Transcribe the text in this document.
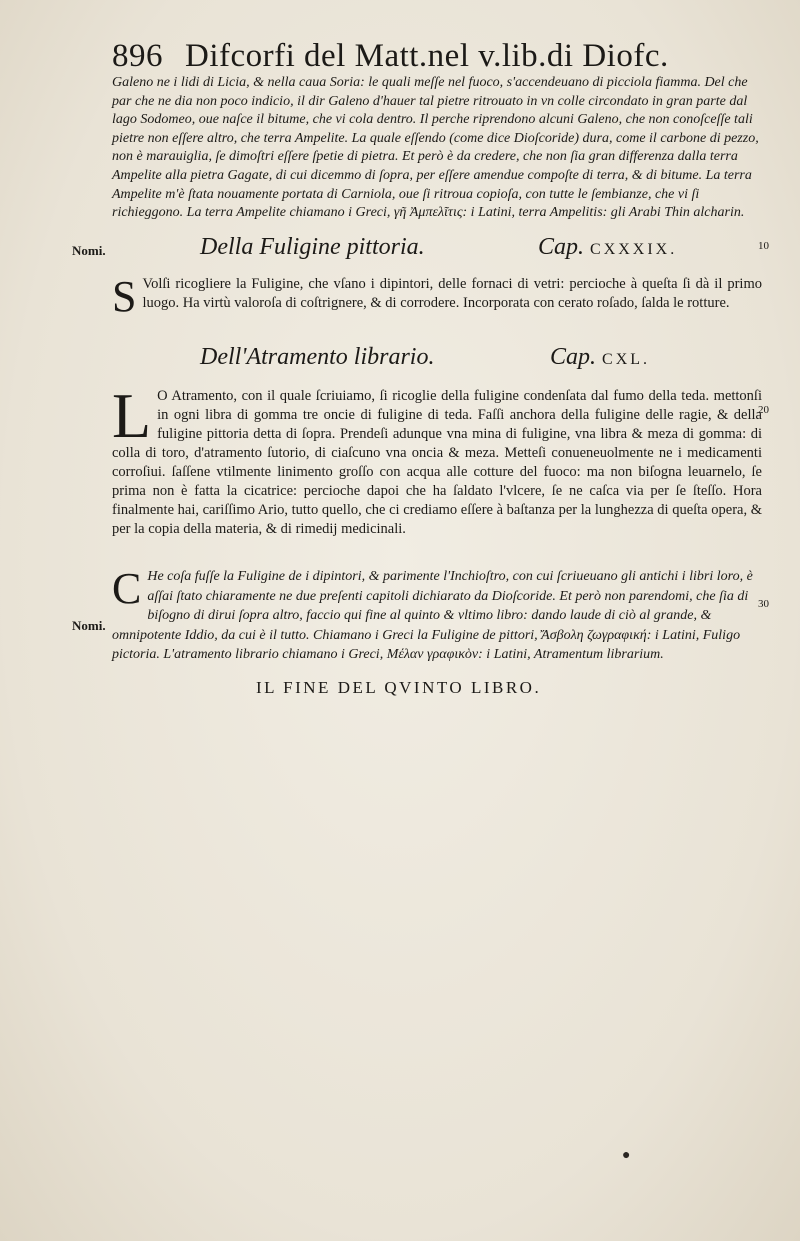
896 Difcorfi del Matt.nel v.lib.di Diofc.
Galeno ne i lidi di Licia, & nella caua Soria: le quali meſſe nel fuoco, s'accendeuano di picciola fiamma. Del che par che ne dia non poco indicio, il dir Galeno d'hauer tal pietre ritrouato in vn colle circondato in gran parte dal lago Sodomeo, oue naſce il bitume, che vi cola dentro. Il perche riprendono alcuni Galeno, che non conoſceſſe tali pietre non eſſere altro, che terra Ampelite. La quale eſſendo (come dice Dioſcoride) dura, come il carbone di pezzo, non è marauiglia, ſe dimoſtri eſſere ſpetie di pietra. Et però è da credere, che non ſia gran differenza dalla terra Ampelite alla pietra Gagate, di cui dicemmo di ſopra, per eſſere amendue compoſte di terra, & di bitume. La terra Ampelite m'è ſtata nouamente portata di Carniola, oue ſi ritroua copioſa, con tutte le ſembianze, che vi ſi richieggono. La terra Ampelite chiamano i Greci, γῆ Ἀμπελῖτις: i Latini, terra Ampelitis: gli Arabi Thin alcharin.
Nomi.	10
Della Fuligine pittoria.	Cap. CXXXIX.
S Volſi ricogliere la Fuligine, che vſano i dipintori, delle fornaci di vetri: percioche à queſta ſi dà il primo luogo. Ha virtù valoroſa di coſtrignere, & di corrodere. Incorporata con cerato roſado, ſalda le rotture.
Dell'Atramento librario.	Cap. CXL.
20
L O Atramento, con il quale ſcriuiamo, ſi ricoglie della fuligine condenſata dal fumo della teda. mettonſi in ogni libra di gomma tre oncie di fuligine di teda. Faſſi anchora della fuligine delle ragie, & della fuligine pittoria detta di ſopra. Prendeſi adunque vna mina di fuligine, vna libra & meza di gomma: di colla di toro, d'atramento ſutorio, di ciaſcuno vna oncia & meza. Metteſi conueneuolmente ne i medicamenti corroſiui. ſaſſene vtilmente linimento groſſo con acqua alle cotture del fuoco: ma non biſogna leuarnelo, ſe prima non è fatta la cicatrice: percioche dapoi che ha ſaldato l'vlcere, ſe ne caſca via per ſe ſteſſo. Hora finalmente hai, cariſſimo Ario, tutto quello, che ci crediamo eſſere à baſtanza per la lunghezza di queſta opera, & per la copia della materia, & di rimedij medicinali.
30
Nomi.
C He coſa fuſſe la Fuligine de i dipintori, & parimente l'Inchioſtro, con cui ſcriueuano gli antichi i libri loro, è aſſai ſtato chiaramente ne due preſenti capitoli dichiarato da Dioſcoride. Et però non parendomi, che ſia di biſogno di dirui ſopra altro, faccio qui fine al quinto & vltimo libro: dando laude di ciò al grande, & omnipotente Iddio, da cui è il tutto. Chiamano i Greci la Fuligine de pittori, Ἄσβολη ζωγραφική: i Latini, Fuligo pictoria. L'atramento librario chiamano i Greci, Μέλαν γραφικὸν: i Latini, Atramentum librarium.
IL FINE DEL QVINTO LIBRO.
●
